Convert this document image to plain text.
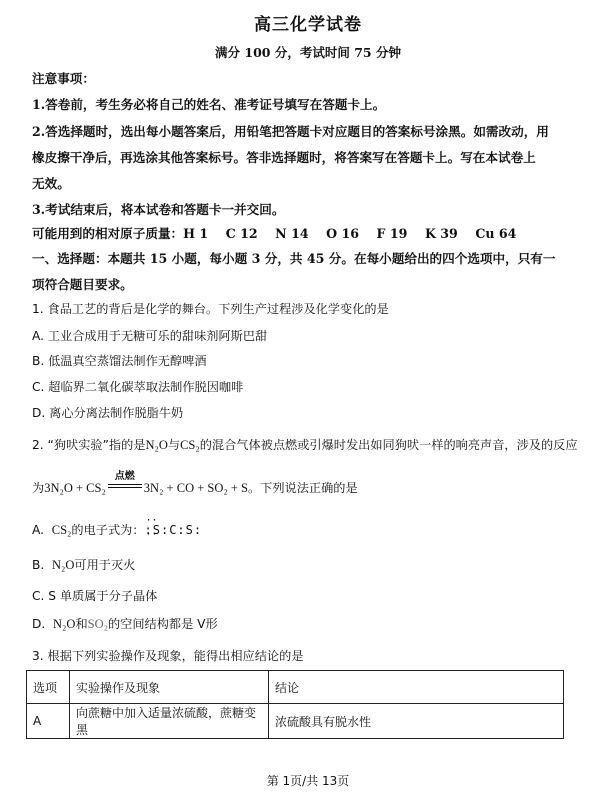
高三化学试卷
满分 100 分，考试时间 75 分钟
注意事项：
1.答卷前，考生务必将自己的姓名、准考证号填写在答题卡上。
2.答选择题时，选出每小题答案后，用铅笔把答题卡对应题目的答案标号涂黑。如需改动，用
橡皮擦干净后，再选涂其他答案标号。答非选择题时，将答案写在答题卡上。写在本试卷上
无效。
3.考试结束后，将本试卷和答题卡一并交回。
可能用到的相对原子质量：H 1    C 12    N 14    O 16    F 19    K 39    Cu 64
一、选择题：本题共 15 小题，每小题 3 分，共 45 分。在每小题给出的四个选项中，只有一
项符合题目要求。
1. 食品工艺的背后是化学的舞台。下列生产过程涉及化学变化的是
A. 工业合成用于无糖可乐的甜味剂阿斯巴甜
B. 低温真空蒸馏法制作无醇啤酒
C. 超临界二氧化碳萃取法制作脱因咖啡
D. 离心分离法制作脱脂牛奶
2. “狗吠实验”指的是N₂O与CS₂的混合气体被点燃或引爆时发出如同狗吠一样的响亮声音，涉及的反应
为3N₂O + CS₂
点燃
3N₂ + CO + SO₂ + S。下列说法正确的是
A.  CS₂的电子式为：·· :S:C:S: ··
B.  N₂O可用于灭火
C. S 单质属于分子晶体
D.  N₂O和SO₂的空间结构都是 V形
3. 根据下列实验操作及现象，能得出相应结论的是
选项	实验操作及现象	结论
A	向蔗糖中加入适量浓硫酸，蔗糖变黑	浓硫酸具有脱水性
第 1页/共 13页
